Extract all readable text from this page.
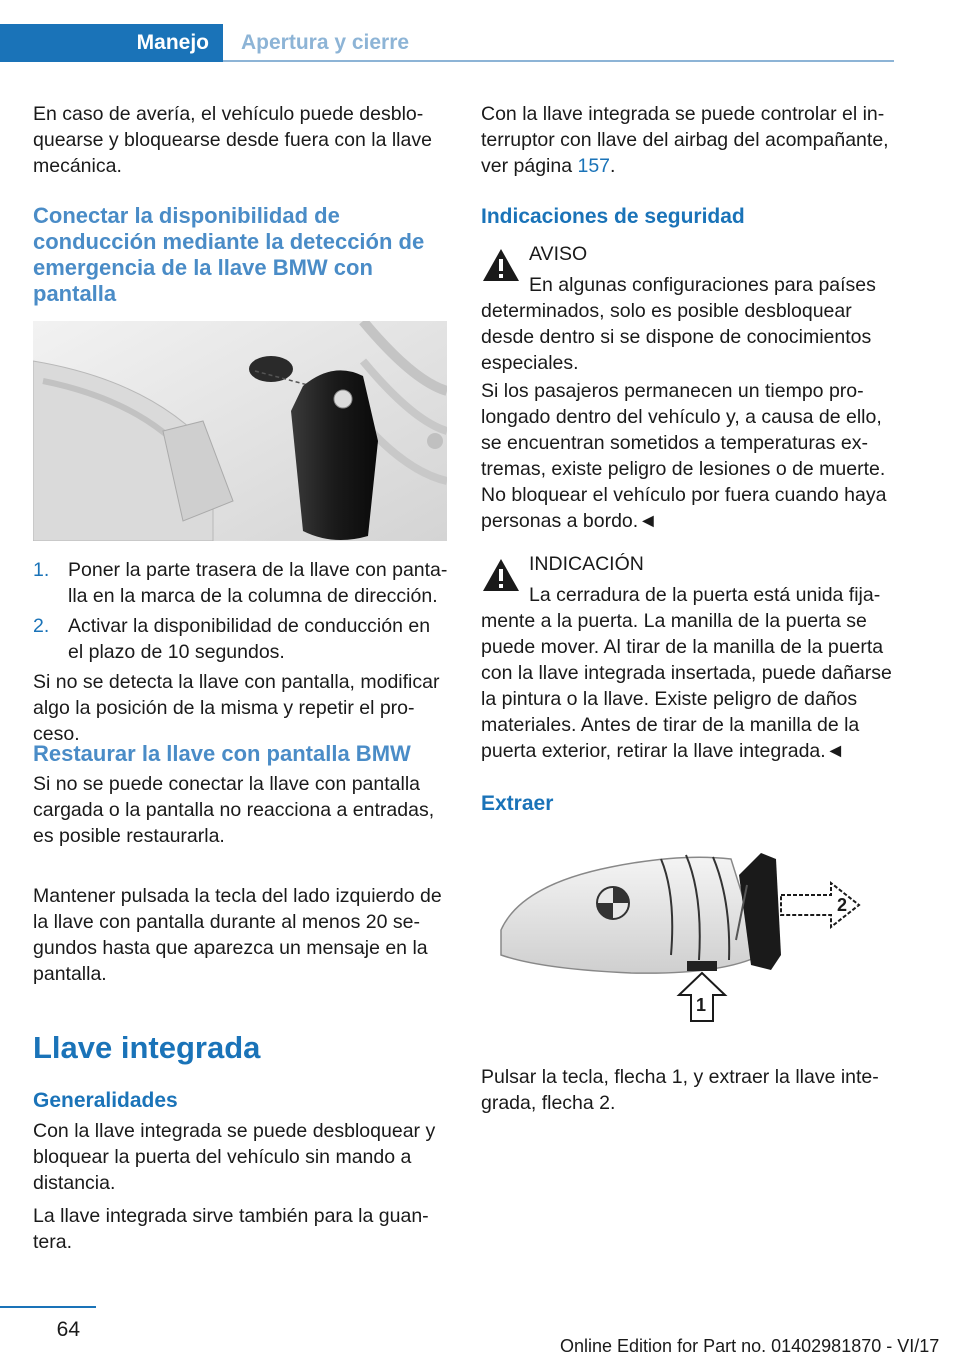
Manejo	Apertura y cierre
En caso de avería, el vehículo puede desblo-
quearse y bloquearse desde fuera con la llave
mecánica.
Conectar la disponibilidad de
conducción mediante la detección de
emergencia de la llave BMW con
pantalla
1. Poner la parte trasera de la llave con panta-
lla en la marca de la columna de dirección.
2. Activar la disponibilidad de conducción en
el plazo de 10 segundos.
Si no se detecta la llave con pantalla, modificar
algo la posición de la misma y repetir el pro-
ceso.
Restaurar la llave con pantalla BMW
Si no se puede conectar la llave con pantalla
cargada o la pantalla no reacciona a entradas,
es posible restaurarla.
Mantener pulsada la tecla del lado izquierdo de
la llave con pantalla durante al menos 20 se-
gundos hasta que aparezca un mensaje en la
pantalla.
Llave integrada
Generalidades
Con la llave integrada se puede desbloquear y
bloquear la puerta del vehículo sin mando a
distancia.
La llave integrada sirve también para la guan-
tera.
Con la llave integrada se puede controlar el in-
terruptor con llave del airbag del acompañante,
ver página 157.
Indicaciones de seguridad
AVISO
En algunas configuraciones para países
determinados, solo es posible desbloquear
desde dentro si se dispone de conocimientos
especiales.
Si los pasajeros permanecen un tiempo pro-
longado dentro del vehículo y, a causa de ello,
se encuentran sometidos a temperaturas ex-
tremas, existe peligro de lesiones o de muerte.
No bloquear el vehículo por fuera cuando haya
personas a bordo.◄
INDICACIÓN
La cerradura de la puerta está unida fija-
mente a la puerta. La manilla de la puerta se
puede mover. Al tirar de la manilla de la puerta
con la llave integrada insertada, puede dañarse
la pintura o la llave. Existe peligro de daños
materiales. Antes de tirar de la manilla de la
puerta exterior, retirar la llave integrada.◄
Extraer
2
1
Pulsar la tecla, flecha 1, y extraer la llave inte-
grada, flecha 2.
64
Online Edition for Part no. 01402981870 - VI/17
